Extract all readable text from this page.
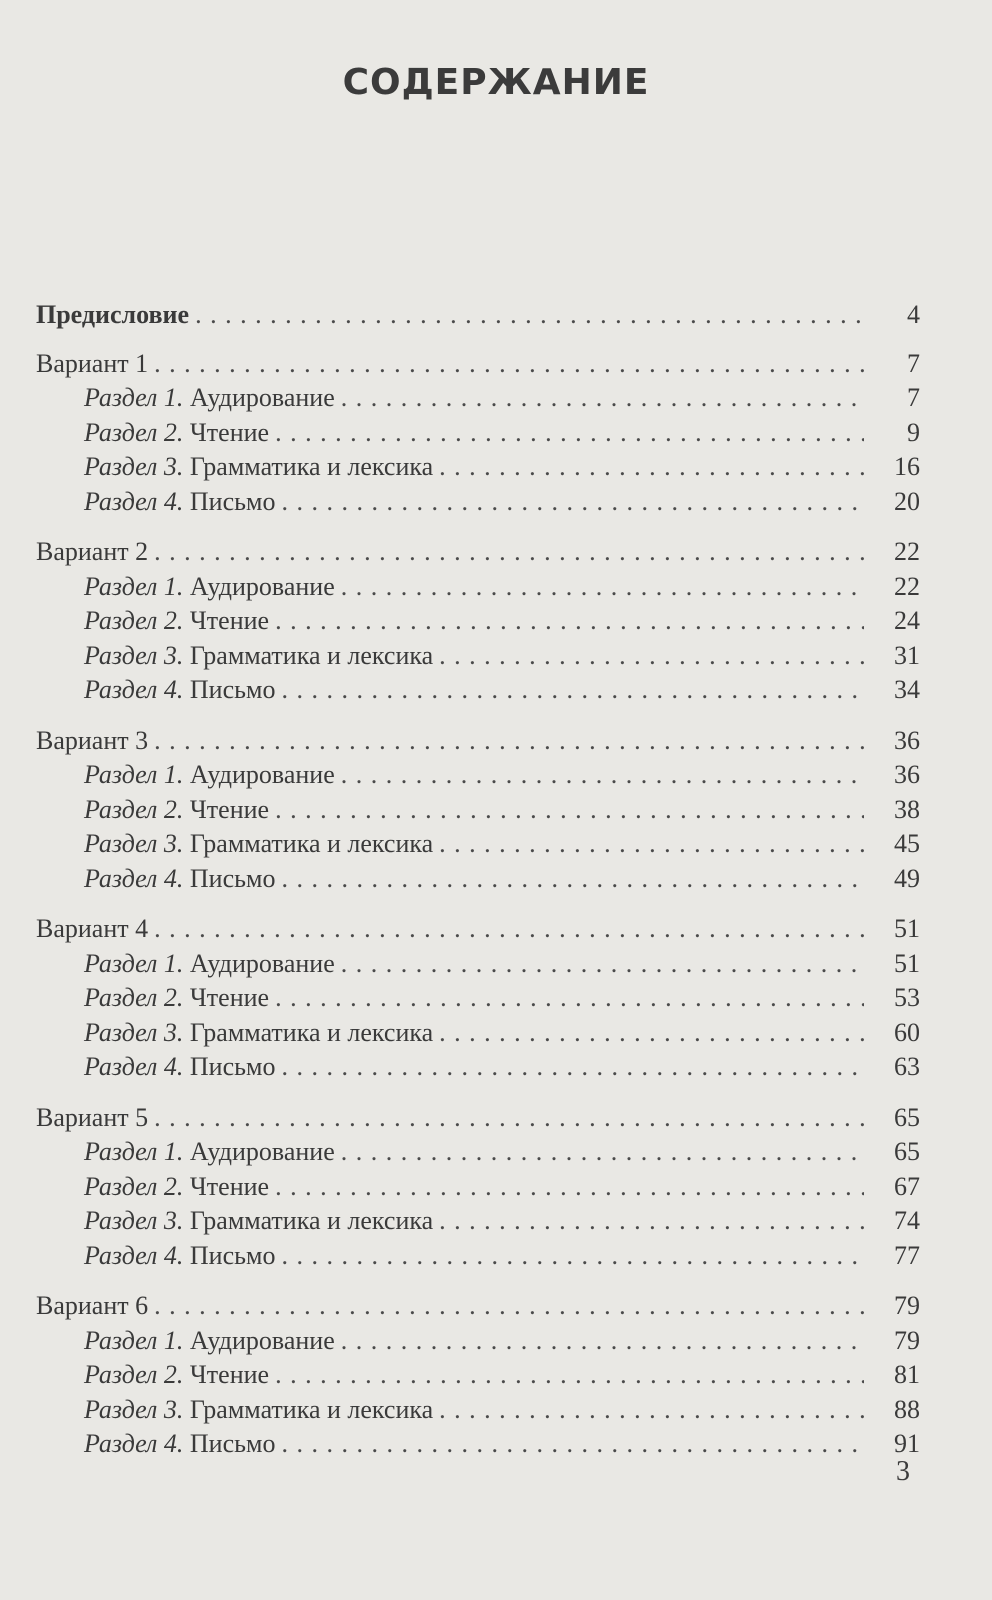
СОДЕРЖАНИЕ
Предисловие . . .	4
Вариант 1 . . .	7
Раздел 1. Аудирование . . .	7
Раздел 2. Чтение . . .	9
Раздел 3. Грамматика и лексика . . .	16
Раздел 4. Письмо . . .	20
Вариант 2 . . .	22
Раздел 1. Аудирование . . .	22
Раздел 2. Чтение . . .	24
Раздел 3. Грамматика и лексика . . .	31
Раздел 4. Письмо . . .	34
Вариант 3 . . .	36
Раздел 1. Аудирование . . .	36
Раздел 2. Чтение . . .	38
Раздел 3. Грамматика и лексика . . .	45
Раздел 4. Письмо . . .	49
Вариант 4 . . .	51
Раздел 1. Аудирование . . .	51
Раздел 2. Чтение . . .	53
Раздел 3. Грамматика и лексика . . .	60
Раздел 4. Письмо . . .	63
Вариант 5 . . .	65
Раздел 1. Аудирование . . .	65
Раздел 2. Чтение . . .	67
Раздел 3. Грамматика и лексика . . .	74
Раздел 4. Письмо . . .	77
Вариант 6 . . .	79
Раздел 1. Аудирование . . .	79
Раздел 2. Чтение . . .	81
Раздел 3. Грамматика и лексика . . .	88
Раздел 4. Письмо . . .	91
3
